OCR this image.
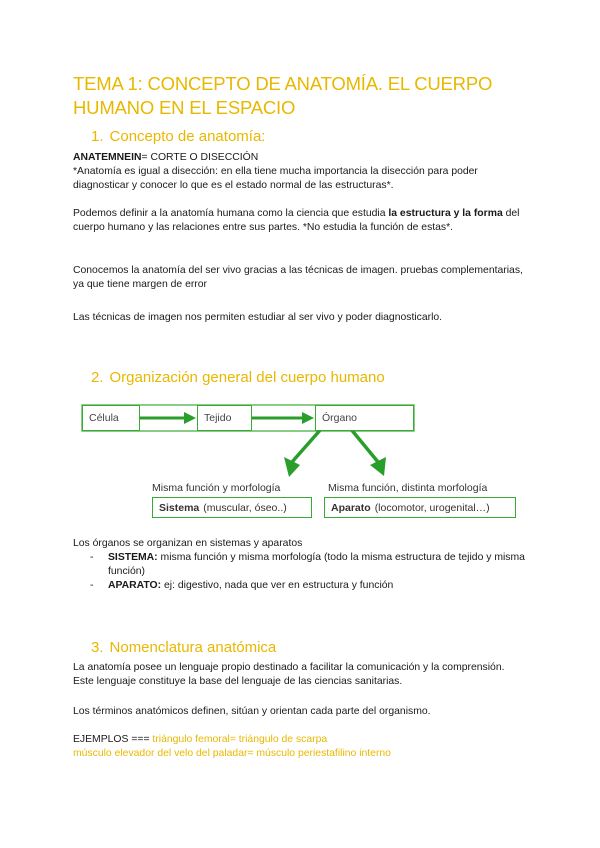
TEMA 1: CONCEPTO DE ANATOMÍA. EL CUERPO HUMANO EN EL ESPACIO
1. Concepto de anatomía:
ANATEMNEIN= CORTE O DISECCIÓN
*Anatomía es igual a disección: en ella tiene mucha importancia la disección para poder diagnosticar y conocer lo que es el estado normal de las estructuras*.
Podemos definir a la anatomía humana como la ciencia que estudia la estructura y la forma del cuerpo humano y las relaciones entre sus partes. *No estudia la función de estas*.
Conocemos la anatomía del ser vivo gracias a las técnicas de imagen. pruebas complementarias, ya que tiene margen de error
Las técnicas de imagen nos permiten estudiar al ser vivo y poder diagnosticarlo.
2. Organización general del cuerpo humano
Célula	Tejido	Órgano
Misma función y morfología
Sistema (muscular, óseo..)
Misma función, distinta morfología
Aparato (locomotor, urogenital…)
Los órganos se organizan en sistemas y aparatos
-	SISTEMA: misma función y misma morfología (todo la misma estructura de tejido y misma función)
-	APARATO: ej: digestivo, nada que ver en estructura y función
3. Nomenclatura anatómica
La anatomía posee un lenguaje propio destinado a facilitar la comunicación y la comprensión. Este lenguaje constituye la base del lenguaje de las ciencias sanitarias.
Los términos anatómicos definen, sitúan y orientan cada parte del organismo.
EJEMPLOS === triángulo femoral= triángulo de scarpa
músculo elevador del velo del paladar= músculo periestafilino interno
